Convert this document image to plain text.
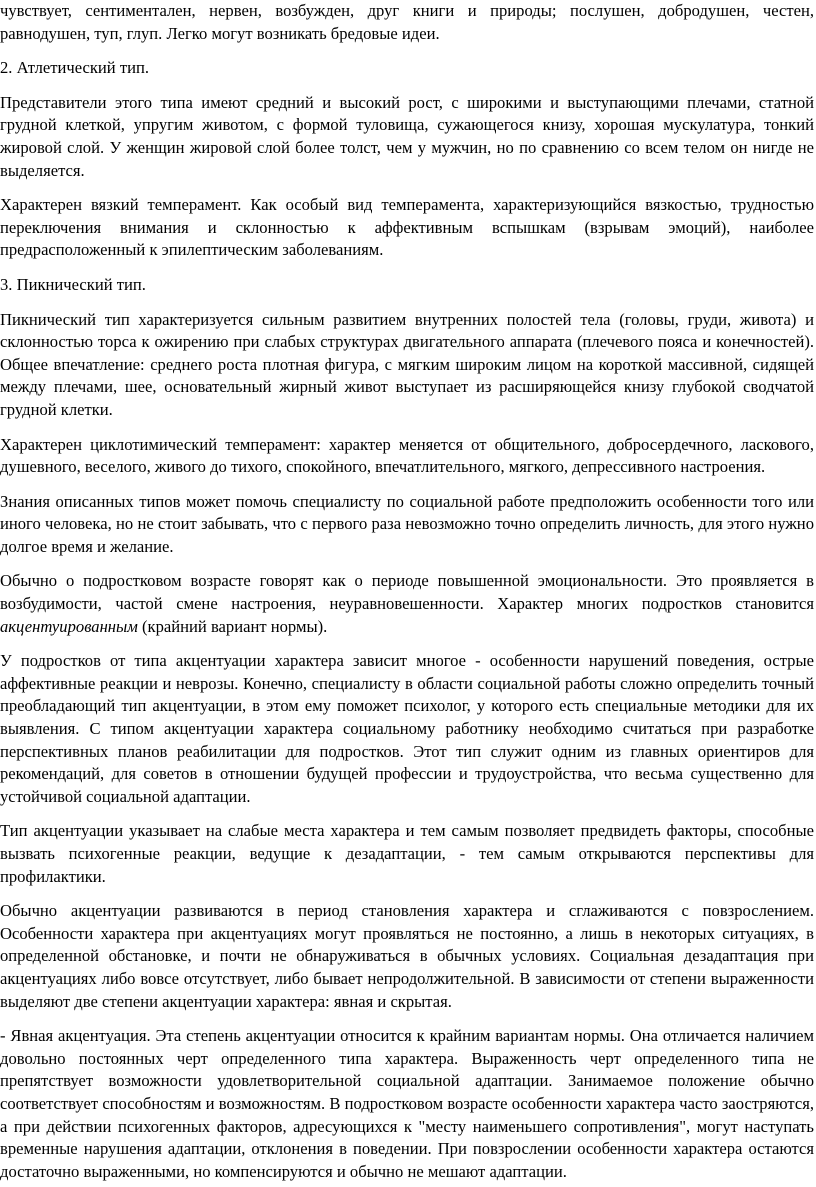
чувствует, сентиментален, нервен, возбужден, друг книги и природы; послушен, добродушен, честен, равнодушен, туп, глуп. Легко могут возникать бредовые идеи.

2. Атлетический тип.

Представители этого типа имеют средний и высокий рост, с широкими и выступающими плечами, статной грудной клеткой, упругим животом, с формой туловища, сужающегося книзу, хорошая мускулатура, тонкий жировой слой. У женщин жировой слой более толст, чем у мужчин, но по сравнению со всем телом он нигде не выделяется.

Характерен вязкий темперамент. Как особый вид темперамента, характеризующийся вязкостью, трудностью переключения внимания и склонностью к аффективным вспышкам (взрывам эмоций), наиболее предрасположенный к эпилептическим заболеваниям.

3. Пикнический тип.

Пикнический тип характеризуется сильным развитием внутренних полостей тела (головы, груди, живота) и склонностью торса к ожирению при слабых структурах двигательного аппарата (плечевого пояса и конечностей). Общее впечатление: среднего роста плотная фигура, с мягким широким лицом на короткой массивной, сидящей между плечами, шее, основательный жирный живот выступает из расширяющейся книзу глубокой сводчатой грудной клетки.

Характерен циклотимический темперамент: характер меняется от общительного, добросердечного, ласкового, душевного, веселого, живого до тихого, спокойного, впечатлительного, мягкого, депрессивного настроения.

Знания описанных типов может помочь специалисту по социальной работе предположить особенности того или иного человека, но не стоит забывать, что с первого раза невозможно точно определить личность, для этого нужно долгое время и желание.

Обычно о подростковом возрасте говорят как о периоде повышенной эмоциональности. Это проявляется в возбудимости, частой смене настроения, неуравновешенности. Характер многих подростков становится акцентуированным (крайний вариант нормы).

У подростков от типа акцентуации характера зависит многое - особенности нарушений поведения, острые аффективные реакции и неврозы. Конечно, специалисту в области социальной работы сложно определить точный преобладающий тип акцентуации, в этом ему поможет психолог, у которого есть специальные методики для их выявления. С типом акцентуации характера социальному работнику необходимо считаться при разработке перспективных планов реабилитации для подростков. Этот тип служит одним из главных ориентиров для рекомендаций, для советов в отношении будущей профессии и трудоустройства, что весьма существенно для устойчивой социальной адаптации.

Тип акцентуации указывает на слабые места характера и тем самым позволяет предвидеть факторы, способные вызвать психогенные реакции, ведущие к дезадаптации, - тем самым открываются перспективы для профилактики.

Обычно акцентуации развиваются в период становления характера и сглаживаются с повзрослением. Особенности характера при акцентуациях могут проявляться не постоянно, а лишь в некоторых ситуациях, в определенной обстановке, и почти не обнаруживаться в обычных условиях. Социальная дезадаптация при акцентуациях либо вовсе отсутствует, либо бывает непродолжительной. В зависимости от степени выраженности выделяют две степени акцентуации характера: явная и скрытая.

- Явная акцентуация. Эта степень акцентуации относится к крайним вариантам нормы. Она отличается наличием довольно постоянных черт определенного типа характера. Выраженность черт определенного типа не препятствует возможности удовлетворительной социальной адаптации. Занимаемое положение обычно соответствует способностям и возможностям. В подростковом возрасте особенности характера часто заостряются, а при действии психогенных факторов, адресующихся к "месту наименьшего сопротивления", могут наступать временные нарушения адаптации, отклонения в поведении. При повзрослении особенности характера остаются достаточно выраженными, но компенсируются и обычно не мешают адаптации.
